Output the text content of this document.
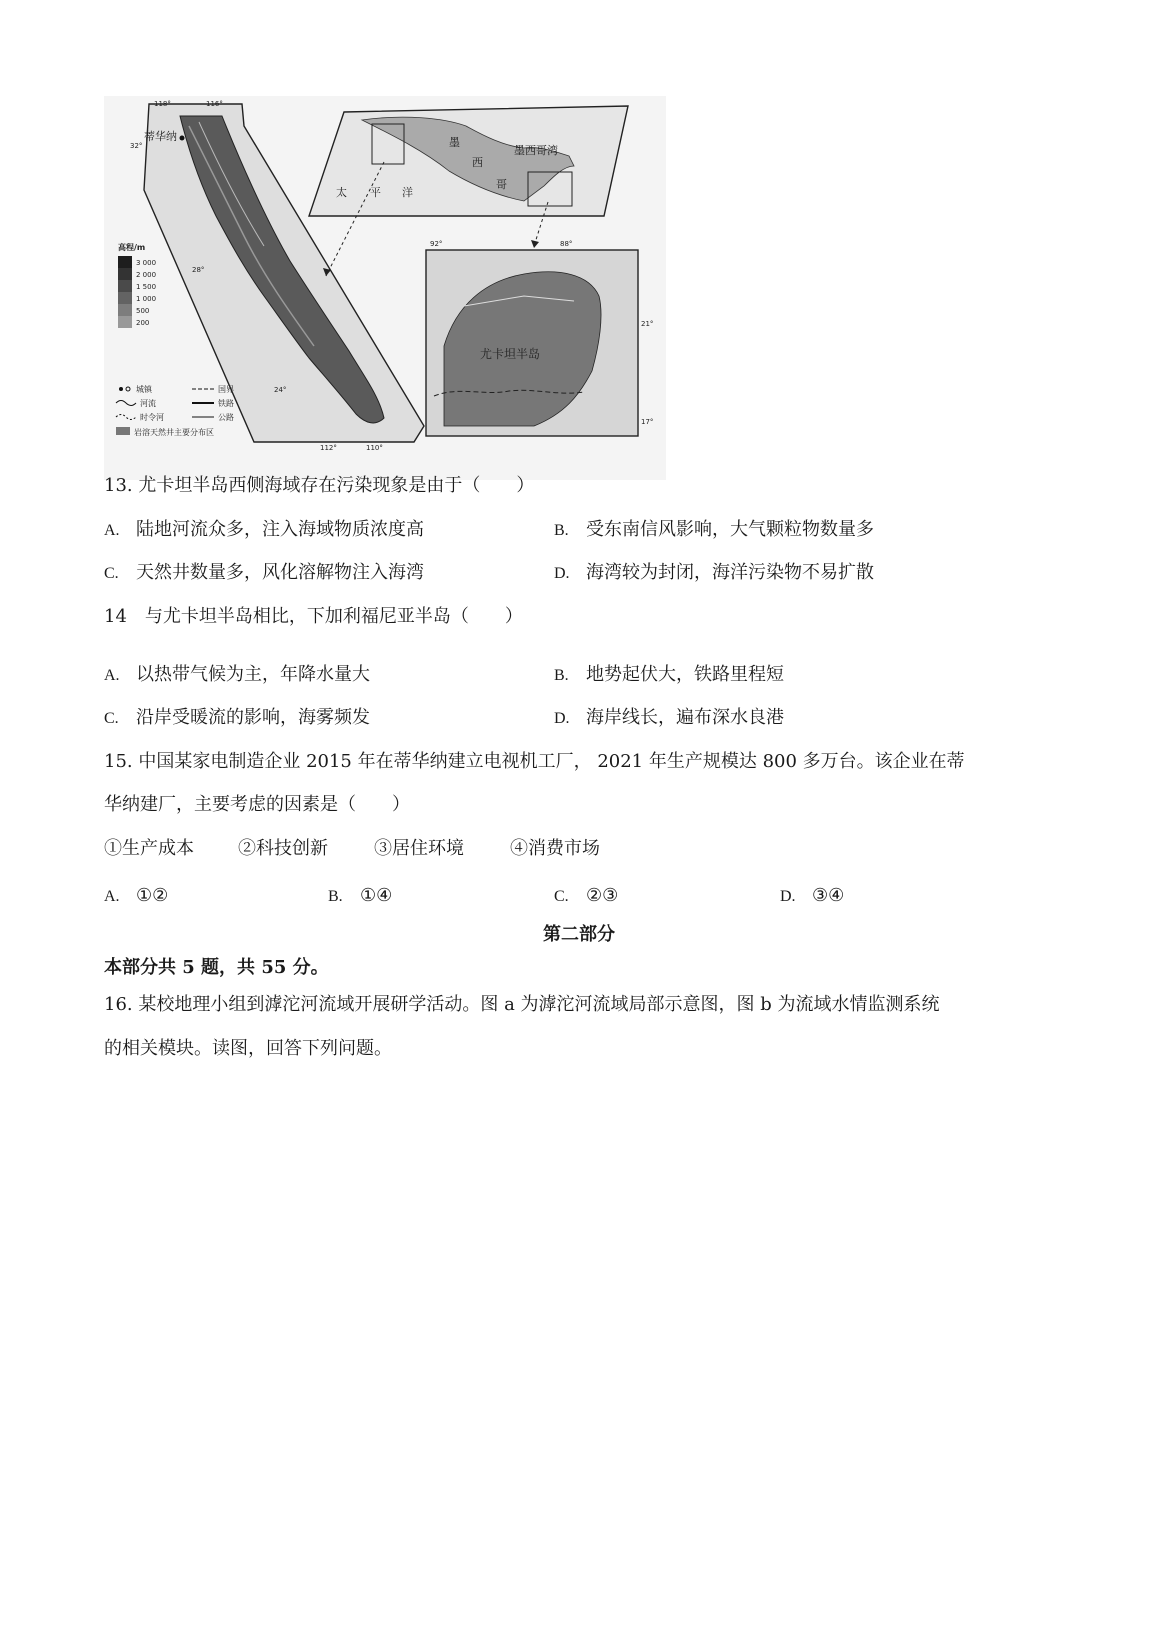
118°	116°
112°	110°
32°
28°
24°
蒂华纳
高程/m
3 000
2 000
1 500
1 000
500
200
城镇	国界
河流	铁路
时令河	公路
岩溶天然井主要分布区
墨
西
哥
墨西哥湾
太 平 洋
尤卡坦半岛
92°	88°
21°
17°
13. 尤卡坦半岛西侧海域存在污染现象是由于（　　）
A. 陆地河流众多，注入海域物质浓度高	B. 受东南信风影响，大气颗粒物数量多
C. 天然井数量多，风化溶解物注入海湾	D. 海湾较为封闭，海洋污染物不易扩散
14　与尤卡坦半岛相比，下加利福尼亚半岛（　　）
A. 以热带气候为主，年降水量大	B. 地势起伏大，铁路里程短
C. 沿岸受暖流的影响，海雾频发	D. 海岸线长，遍布深水良港
15. 中国某家电制造企业 2015 年在蒂华纳建立电视机工厂， 2021 年生产规模达 800 多万台。该企业在蒂
华纳建厂，主要考虑的因素是（　　）
①生产成本 ②科技创新	③居住环境	④消费市场
A. ①②	B. ①④	C. ②③	D. ③④
第二部分
本部分共 5 题，共 55 分。
16. 某校地理小组到滹沱河流域开展研学活动。图 a 为滹沱河流域局部示意图，图 b 为流域水情监测系统
的相关模块。读图，回答下列问题。
